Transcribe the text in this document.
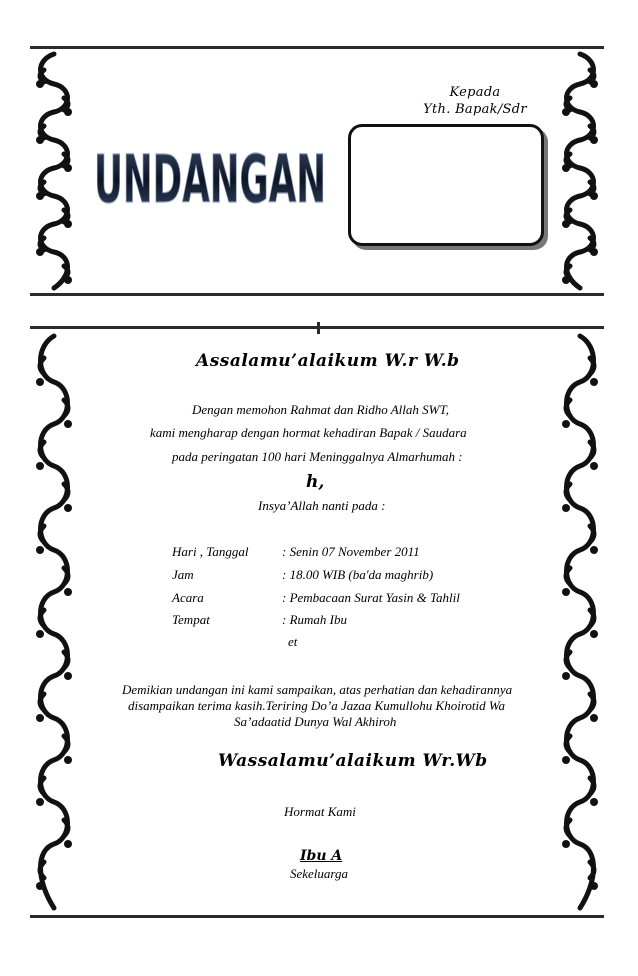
Kepada
Yth. Bapak/Sdr
UNDANGAN
Assalamu’alaikum W.r W.b
Dengan memohon Rahmat dan Ridho Allah SWT,
kami mengharap dengan hormat kehadiran Bapak / Saudara
pada peringatan 100 hari Meninggalnya Almarhumah :
h,
Insya’Allah nanti pada :
Hari , Tanggal	: Senin 07 November 2011
Jam	: 18.00 WIB (ba'da maghrib)
Acara	: Pembacaan Surat Yasin & Tahlil
Tempat	: Rumah Ibu
et
Demikian undangan ini kami sampaikan, atas perhatian dan kehadirannya
disampaikan terima kasih.Teriring Do’a Jazaa Kumullohu Khoirotid Wa
Sa’adaatid Dunya Wal Akhiroh
Wassalamu’alaikum Wr.Wb
Hormat Kami
Ibu A
Sekeluarga
